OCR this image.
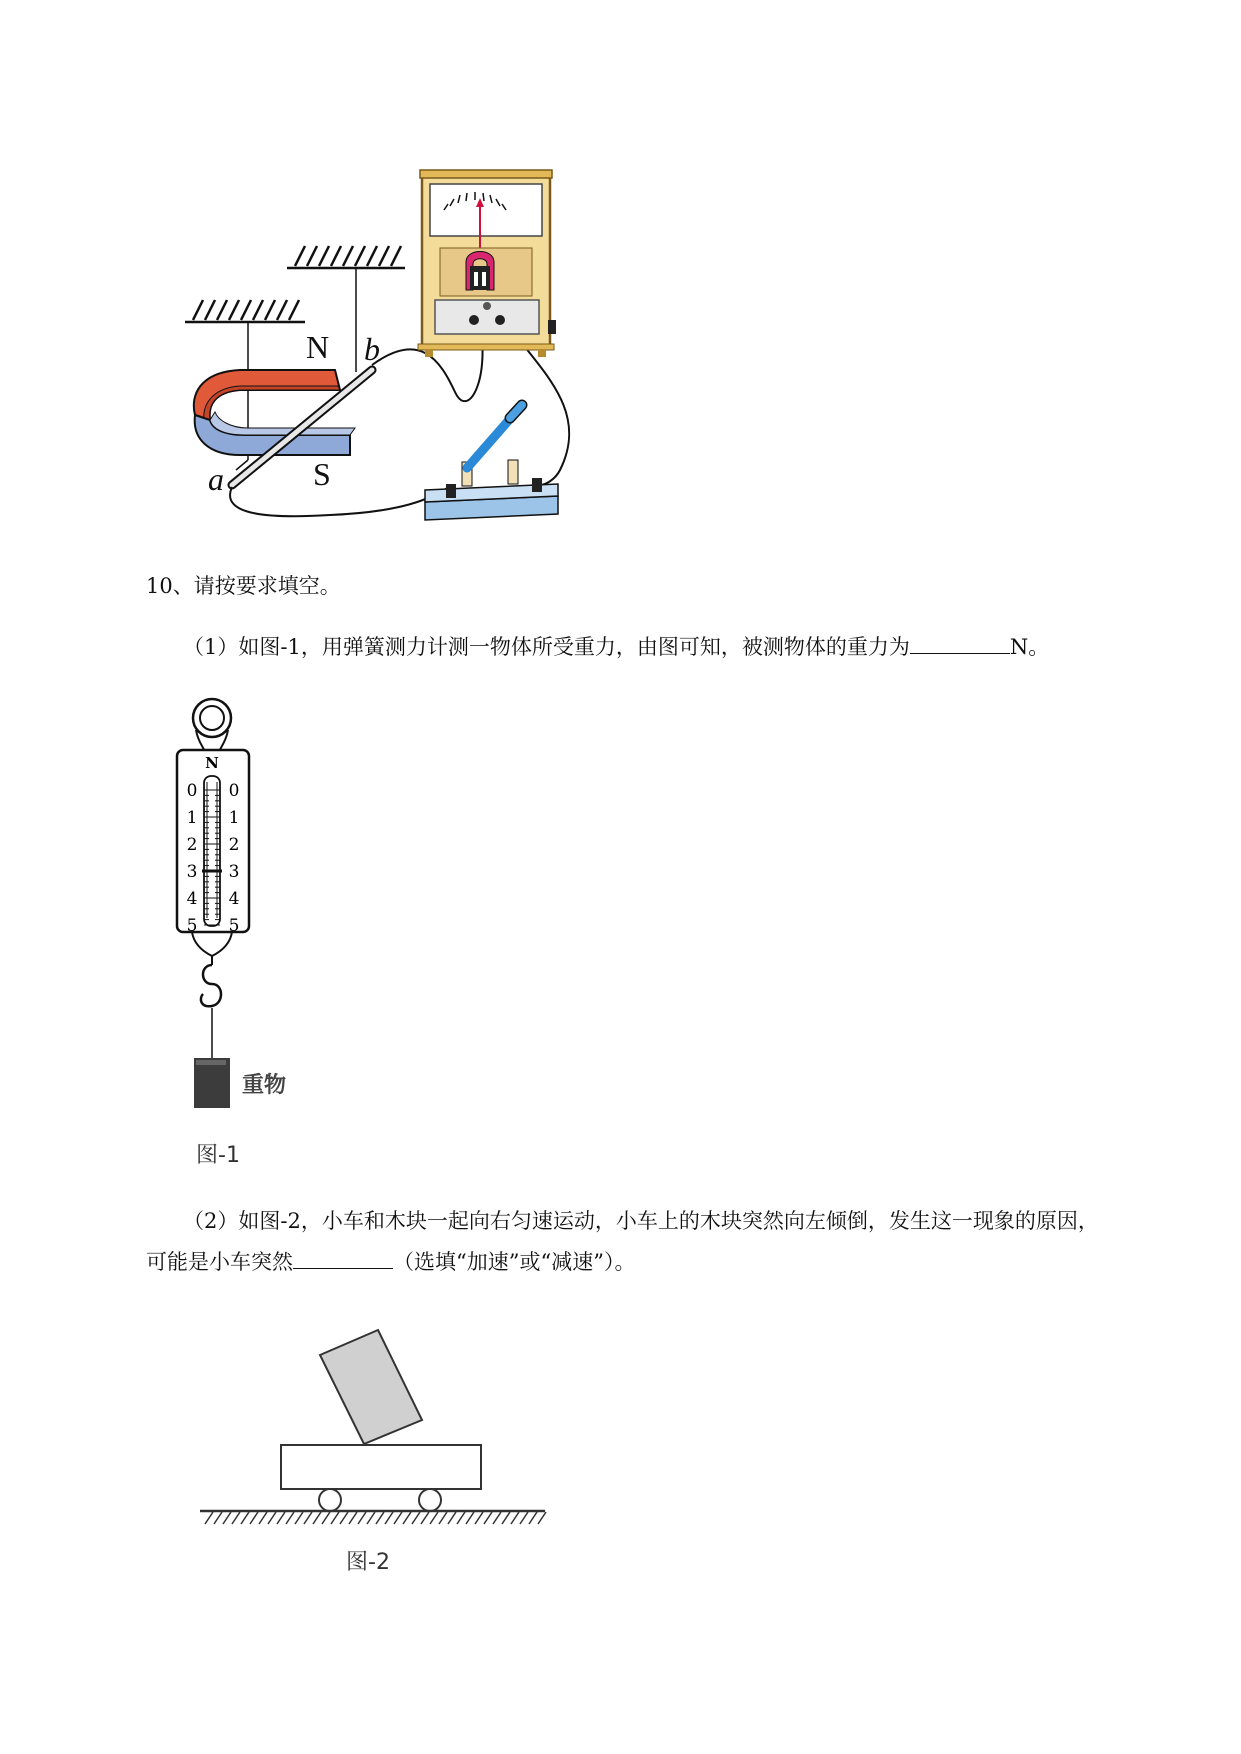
N
S
a
b
10、请按要求填空。
（1）如图-1，用弹簧测力计测一物体所受重力，由图可知，被测物体的重力为	N。
N
0
1
2
3
4
5
0
1
2
3
4
5
重物
图-1
（2）如图-2，小车和木块一起向右匀速运动，小车上的木块突然向左倾倒，发生这一现象的原因，
可能是小车突然	（选填“加速”或“减速”）。
图-2
